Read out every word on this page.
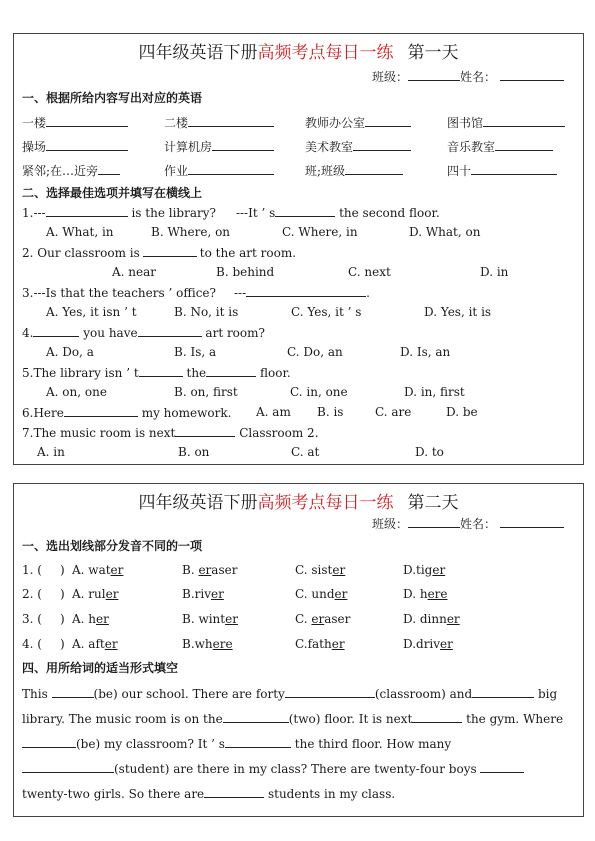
四年级英语下册高频考点每日一练 第一天
班级：	姓名：
一、根据所给内容写出对应的英语
一楼	二楼	教师办公室	图书馆
操场	计算机房	美术教室	音乐教室
紧邻;在…近旁	作业	班;班级	四十
二、选择最佳选项并填写在横线上
1.---	is the library? ---It ’ s	the second floor.
A. What, in	B. Where, on	C. Where, in	D. What, on
2. Our classroom is	to the art room.
A. near	B. behind	C. next	D. in
3.---Is that the teachers ’ office? ---	.
A. Yes, it isn ’ t	B. No, it is	C. Yes, it ’ s	D. Yes, it is
4.	you have	art room?
A. Do, a	B. Is, a	C. Do, an	D. Is, an
5.The library isn ’ t	the	floor.
A. on, one	B. on, first	C. in, one	D. in, first
6.Here	my homework. A. am B. is	C. are	D. be
7.The music room is next	Classroom 2.
A. in	B. on	C. at	D. to
四年级英语下册高频考点每日一练 第二天
班级：	姓名：
一、选出划线部分发音不同的一项
1. ( ) A. water	B. eraser	C. sister	D.tiger
2. ( ) A. ruler	B.river	C. under	D. here
3. ( ) A. her	B. winter	C. eraser	D. dinner
4. ( ) A. after	B.where	C.father	D.driver
四、用所给词的适当形式填空
This	(be) our school. There are forty	(classroom) and	big
library. The music room is on the	(two) floor. It is next	the gym. Where
(be) my classroom? It ’ s	the third floor. How many
(student) are there in my class? There are twenty-four boys
twenty-two girls. So there are	students in my class.
